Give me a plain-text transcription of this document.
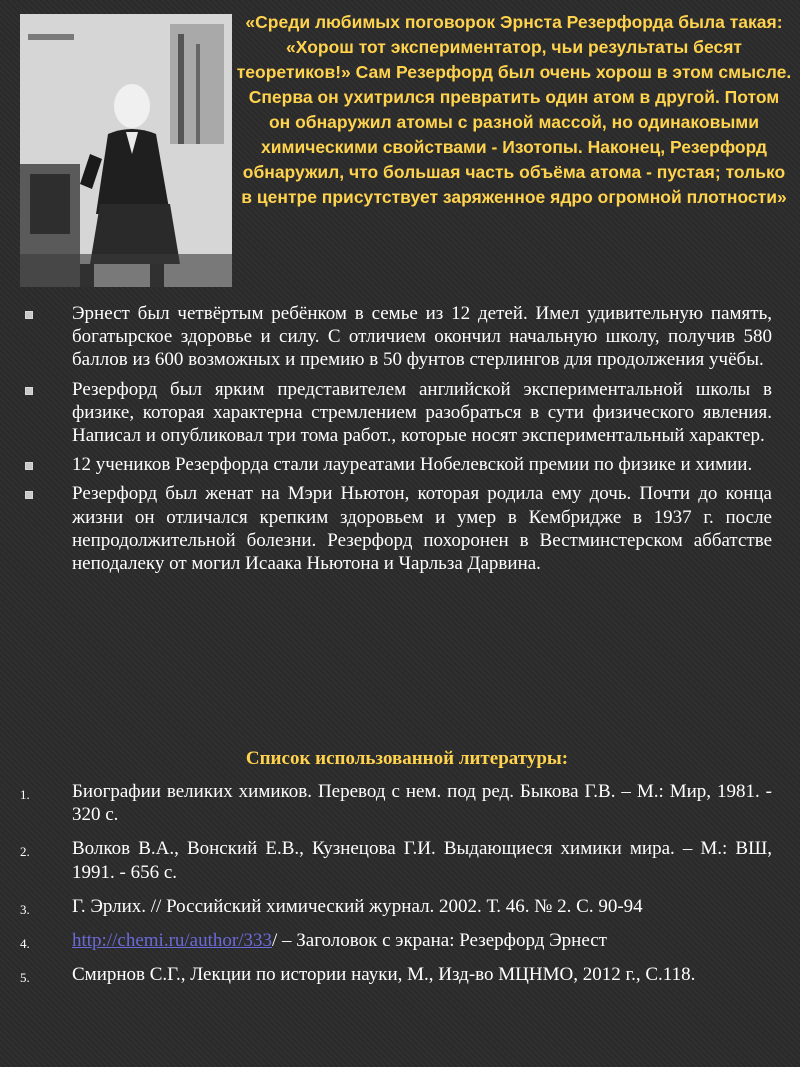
«Среди любимых поговорок Эрнста Резерфорда была такая: «Хорош тот экспериментатор, чьи результаты бесят теоретиков!» Сам Резерфорд был очень хорош в этом смысле. Сперва он ухитрился превратить один атом в другой. Потом он обнаружил атомы с разной массой, но одинаковыми химическими свойствами - Изотопы. Наконец, Резерфорд обнаружил, что большая часть объёма атома - пустая; только в центре присутствует заряженное ядро огромной плотности»

Эрнест был четвёртым ребёнком в семье из 12 детей. Имел удивительную память, богатырское здоровье и силу. С отличием окончил начальную школу, получив 580 баллов из 600 возможных и премию в 50 фунтов стерлингов для продолжения учёбы.
Резерфорд был ярким представителем английской экспериментальной школы в физике, которая характерна стремлением разобраться в сути физического явления. Написал и опубликовал три тома работ., которые носят экспериментальный характер.
12 учеников Резерфорда стали лауреатами Нобелевской премии по физике и химии.
Резерфорд был женат на Мэри Ньютон, которая родила ему дочь. Почти до конца жизни он отличался крепким здоровьем и умер в Кембридже в 1937 г. после непродолжительной болезни. Резерфорд похоронен в Вестминстерском аббатстве неподалеку от могил Исаака Ньютона и Чарльза Дарвина.

Список использованной литературы:

1. Биографии великих химиков. Перевод с нем. под ред. Быкова Г.В. – М.: Мир, 1981. - 320 с.
2. Волков В.А., Вонский Е.В., Кузнецова Г.И. Выдающиеся химики мира. – М.: ВШ, 1991. - 656 с.
3. Г. Эрлих. // Российский химический журнал. 2002. Т. 46. № 2. С. 90-94
4. http://chemi.ru/author/333/ – Заголовок с экрана: Резерфорд Эрнест
5. Смирнов С.Г., Лекции по истории науки, М., Изд-во МЦНМО, 2012 г., С.118.
